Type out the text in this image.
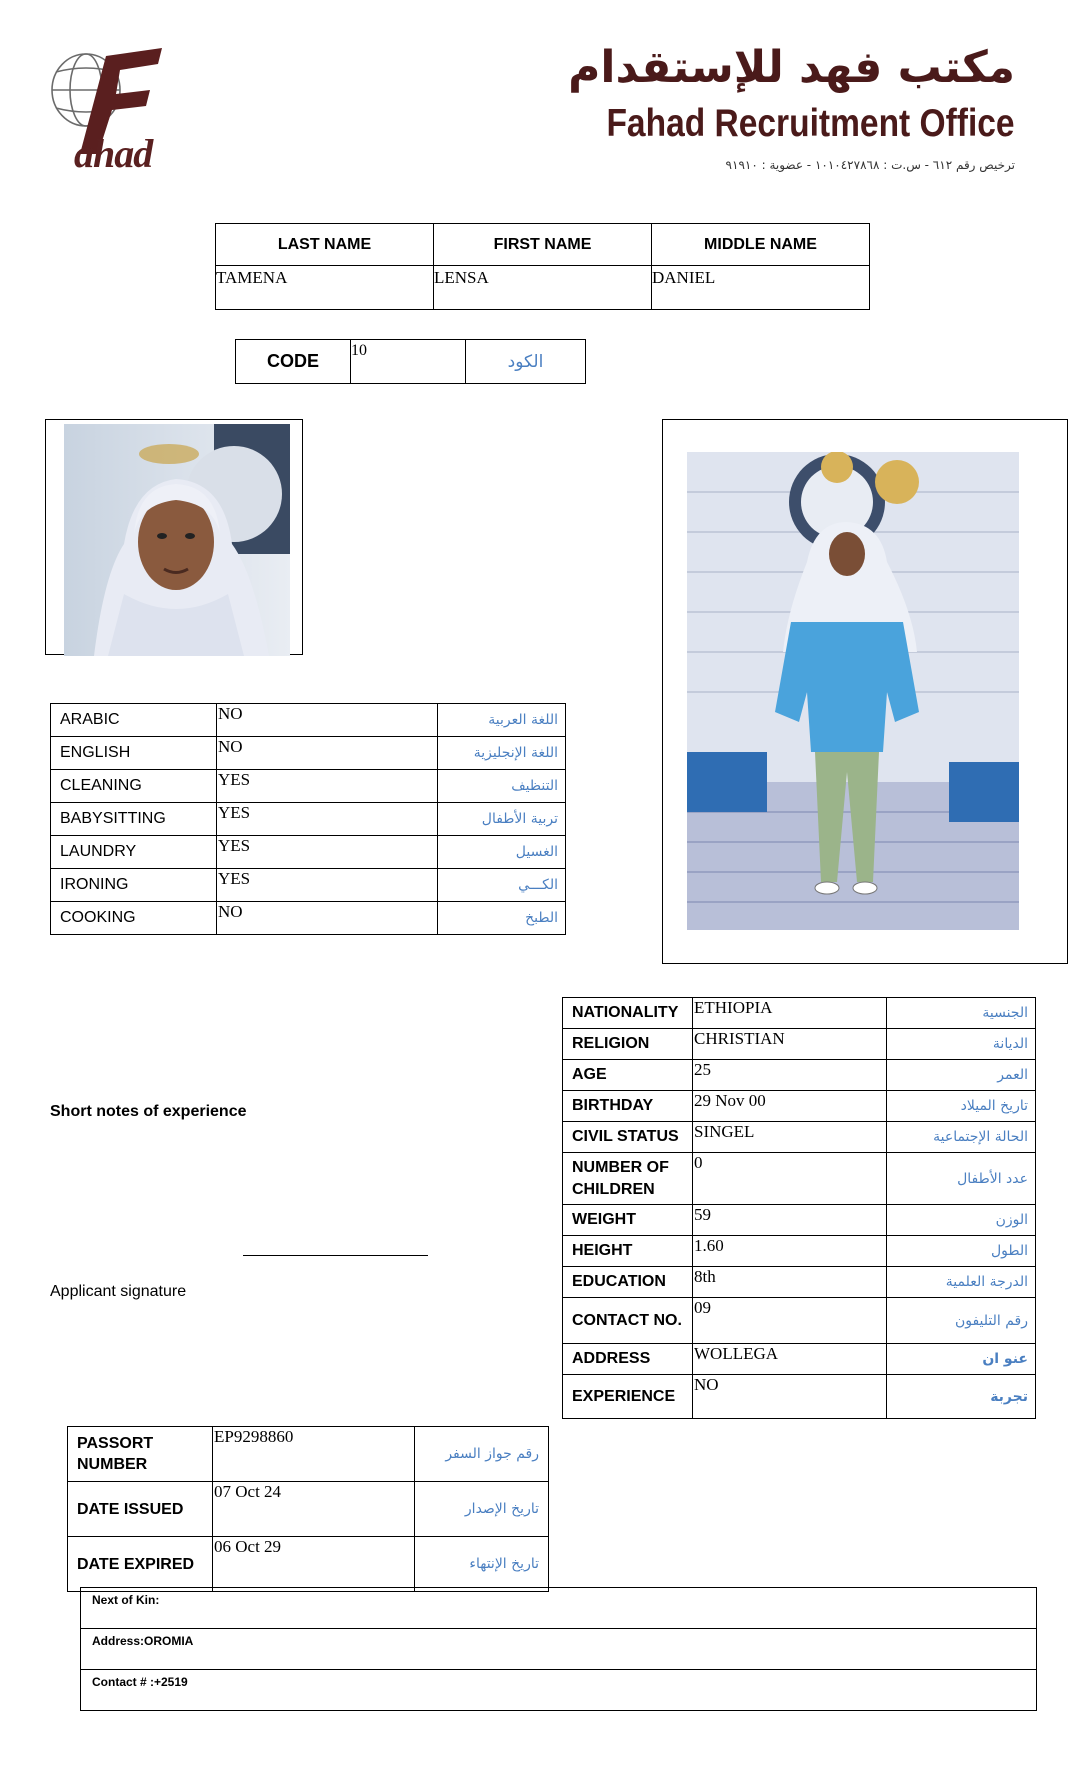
ahad
مكتب فهد للإستقدام
Fahad Recruitment Office
ترخيص رقم ٦١٢ - س.ت : ١٠١٠٤٢٧٨٦٨ - عضوية : ٩١٩١٠
LAST NAME	FIRST NAME	MIDDLE NAME
TAMENA	LENSA	DANIEL
CODE	10	الكود
ARABIC	NO	اللغة العربية
ENGLISH	NO	اللغة الإنجليزية
CLEANING	YES	التنظيف
BABYSITTING	YES	تربية الأطفال
LAUNDRY	YES	الغسيل
IRONING	YES	الكـــي
COOKING	NO	الطبخ
NATIONALITY	ETHIOPIA	الجنسية
RELIGION	CHRISTIAN	الديانة
AGE	25	العمر
BIRTHDAY	29 Nov 00	تاريخ الميلاد
CIVIL STATUS	SINGEL	الحالة الإجتماعية
NUMBER OF CHILDREN	0	عدد الأطفال
WEIGHT	59	الوزن
HEIGHT	1.60	الطول
EDUCATION	8th	الدرجة العلمية
CONTACT NO.	09	رقم التليفون
ADDRESS	WOLLEGA	عنو ان
EXPERIENCE	NO	تجربة
Short notes of experience
Applicant signature
PASSORT NUMBER	EP9298860	رقم جواز السفر
DATE ISSUED	07 Oct 24	تاريخ الإصدار
DATE EXPIRED	06 Oct 29	تاريخ الإنتهاء
Next of Kin:
Address:OROMIA
Contact # :+2519
